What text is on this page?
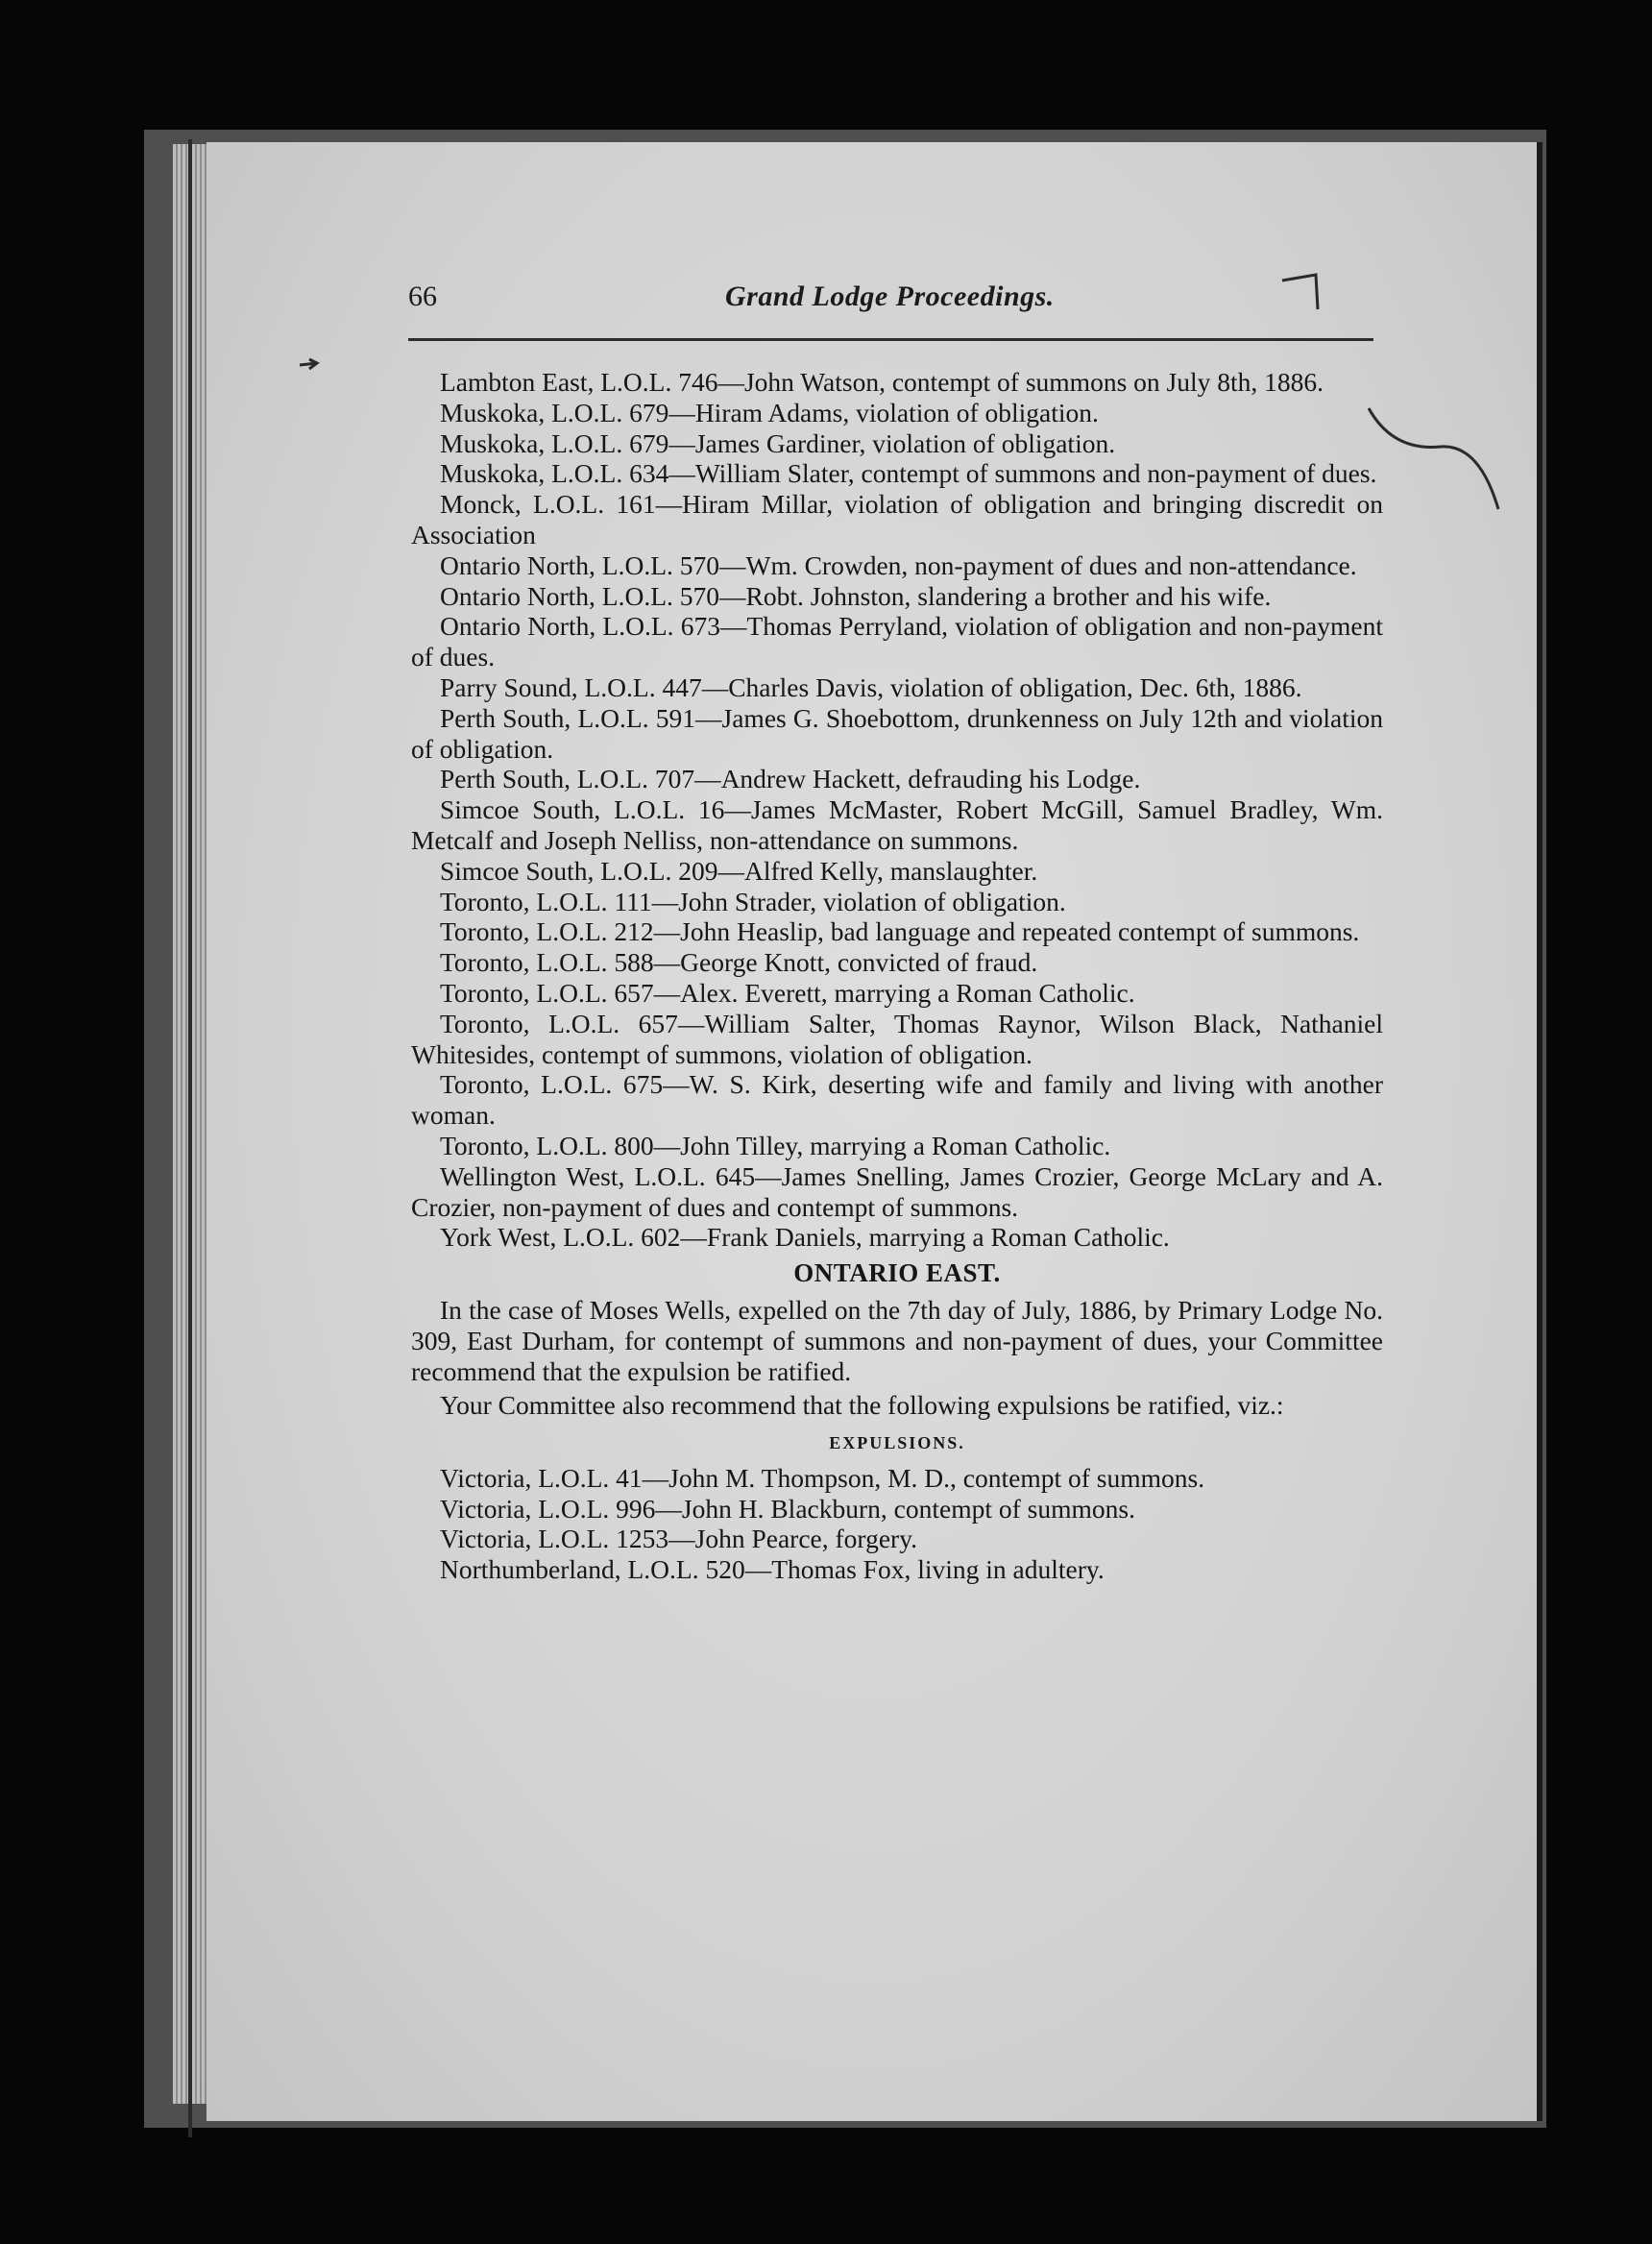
66	Grand Lodge Proceedings.

Lambton East, L.O.L. 746—John Watson, contempt of summons on July 8th, 1886.

Muskoka, L.O.L. 679—Hiram Adams, violation of obligation.

Muskoka, L.O.L. 679—James Gardiner, violation of obligation.

Muskoka, L.O.L. 634—William Slater, contempt of summons and non-payment of dues.

Monck, L.O.L. 161—Hiram Millar, violation of obligation and bringing discredit on Association

Ontario North, L.O.L. 570—Wm. Crowden, non-payment of dues and non-attendance.

Ontario North, L.O.L. 570—Robt. Johnston, slandering a brother and his wife.

Ontario North, L.O.L. 673—Thomas Perryland, violation of obligation and non-payment of dues.

Parry Sound, L.O.L. 447—Charles Davis, violation of obligation, Dec. 6th, 1886.

Perth South, L.O.L. 591—James G. Shoebottom, drunkenness on July 12th and violation of obligation.

Perth South, L.O.L. 707—Andrew Hackett, defrauding his Lodge.

Simcoe South, L.O.L. 16—James McMaster, Robert McGill, Samuel Bradley, Wm. Metcalf and Joseph Nelliss, non-attendance on summons.

Simcoe South, L.O.L. 209—Alfred Kelly, manslaughter.

Toronto, L.O.L. 111—John Strader, violation of obligation.

Toronto, L.O.L. 212—John Heaslip, bad language and repeated contempt of summons.

Toronto, L.O.L. 588—George Knott, convicted of fraud.

Toronto, L.O.L. 657—Alex. Everett, marrying a Roman Catholic.

Toronto, L.O.L. 657—William Salter, Thomas Raynor, Wilson Black, Nathaniel Whitesides, contempt of summons, violation of obligation.

Toronto, L.O.L. 675—W. S. Kirk, deserting wife and family and living with another woman.

Toronto, L.O.L. 800—John Tilley, marrying a Roman Catholic.

Wellington West, L.O.L. 645—James Snelling, James Crozier, George McLary and A. Crozier, non-payment of dues and contempt of summons.

York West, L.O.L. 602—Frank Daniels, marrying a Roman Catholic.

ONTARIO EAST.

In the case of Moses Wells, expelled on the 7th day of July, 1886, by Primary Lodge No. 309, East Durham, for contempt of summons and non-payment of dues, your Committee recommend that the expulsion be ratified.

Your Committee also recommend that the following expulsions be ratified, viz.:

EXPULSIONS.

Victoria, L.O.L. 41—John M. Thompson, M. D., contempt of summons.

Victoria, L.O.L. 996—John H. Blackburn, contempt of summons.

Victoria, L.O.L. 1253—John Pearce, forgery.

Northumberland, L.O.L. 520—Thomas Fox, living in adultery.
